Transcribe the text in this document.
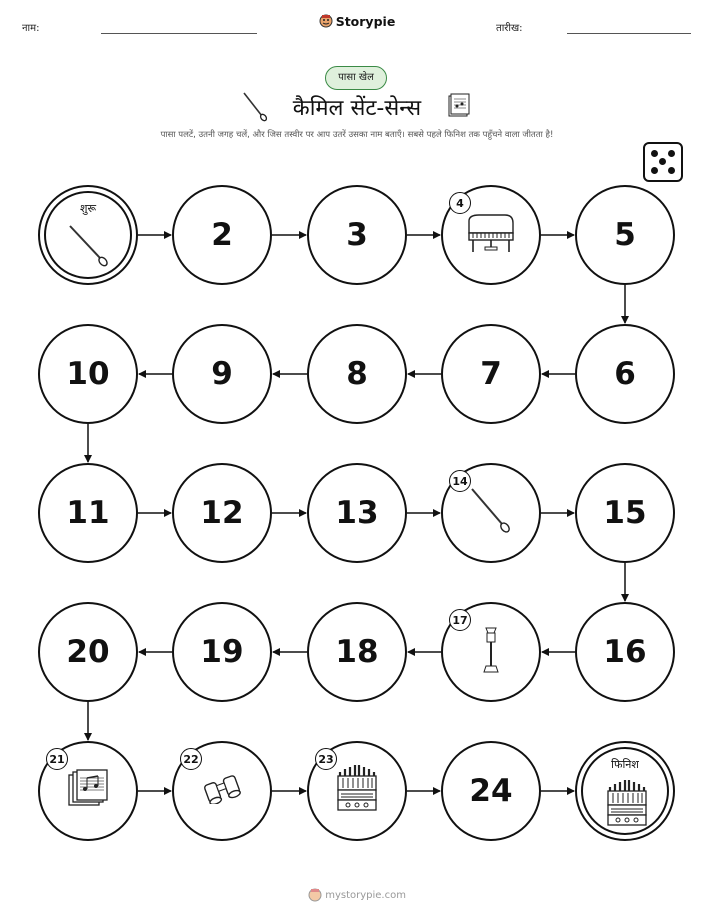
नाम:	Storypie	तारीख:
पासा खेल
कैमिल सेंट-सेन्स
पासा पलटें, उतनी जगह चलें, और जिस तस्वीर पर आप उतरें उसका नाम बताएँ। सबसे पहले फिनिश तक पहुँचने वाला जीतता है!
शुरू
2	3
4
5
6
7
8
9
10
11	12	13
14
15
16
17
18
19
20
21	22	23
24
फिनिश
mystorypie.com
